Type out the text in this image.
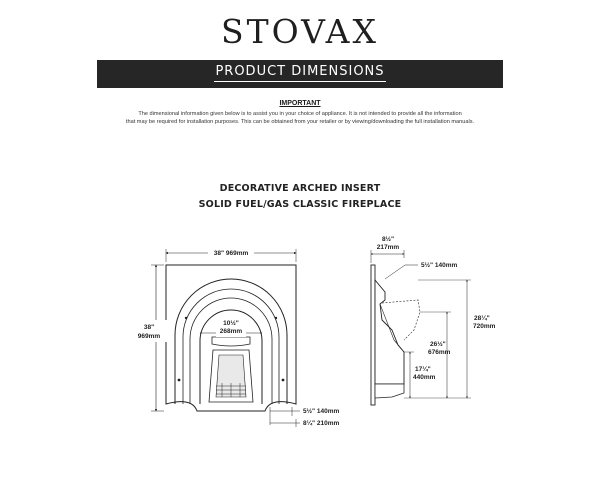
STOVAX
PRODUCT DIMENSIONS
IMPORTANT
The dimensional information given below is to assist you in your choice of appliance. It is not intended to provide all the information
that may be required for installation purposes. This can be obtained from your retailer or by viewing/downloading the full installation manuals.
DECORATIVE ARCHED INSERT
SOLID FUEL/GAS CLASSIC FIREPLACE
38" 969mm
38"
969mm
10½"
268mm
5½" 140mm
8¼" 210mm
8½"
217mm
5½" 140mm
28¼"
720mm
26½"
676mm
17¼"
440mm
